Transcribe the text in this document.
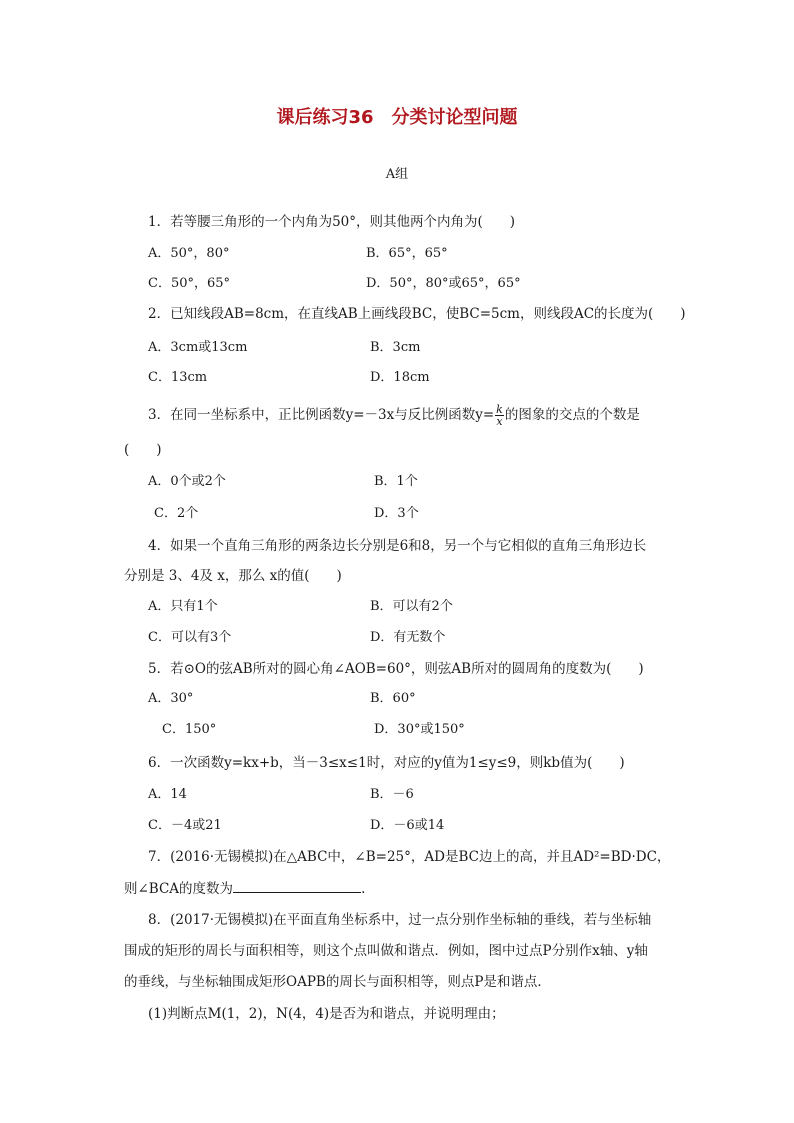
课后练习36　分类讨论型问题
A组
1．若等腰三角形的一个内角为50°，则其他两个内角为(　　)
A．50°，80°	B．65°，65°
C．50°，65°	D．50°，80°或65°，65°
2．已知线段AB=8cm，在直线AB上画线段BC，使BC=5cm，则线段AC的长度为(　　)
A．3cm或13cm	B．3cm
C．13cm	D．18cm
3．在同一坐标系中，正比例函数y=－3x与反比例函数$y= \frac{k}{x}$ 的图象的交点的个数是
(　　)
A．0个或2个	B．1个
C．2个	D．3个
4．如果一个直角三角形的两条边长分别是6和8，另一个与它相似的直角三角形边长
分别是 3、4及 x，那么 x的值(　　)
A．只有1个	B．可以有2个
C．可以有3个	D．有无数个
5．若⊙O的弦AB所对的圆心角∠AOB=60°，则弦AB所对的圆周角的度数为(　　)
A．30°	B．60°
C．150°	D．30°或150°
6．一次函数y=kx+b，当－3≤x≤1时，对应的y值为1≤y≤9，则kb值为(　　)
A．14	B．－6
C．－4或21	D．－6或14
7．(2016·无锡模拟)在△ABC中，∠B=25°，AD是BC边上的高，并且AD²=BD·DC，
则∠BCA的度数为	.
8．(2017·无锡模拟)在平面直角坐标系中，过一点分别作坐标轴的垂线，若与坐标轴
围成的矩形的周长与面积相等，则这个点叫做和谐点．例如，图中过点P分别作x轴、y轴
的垂线，与坐标轴围成矩形OAPB的周长与面积相等，则点P是和谐点．
(1)判断点M(1，2)，N(4，4)是否为和谐点，并说明理由；
